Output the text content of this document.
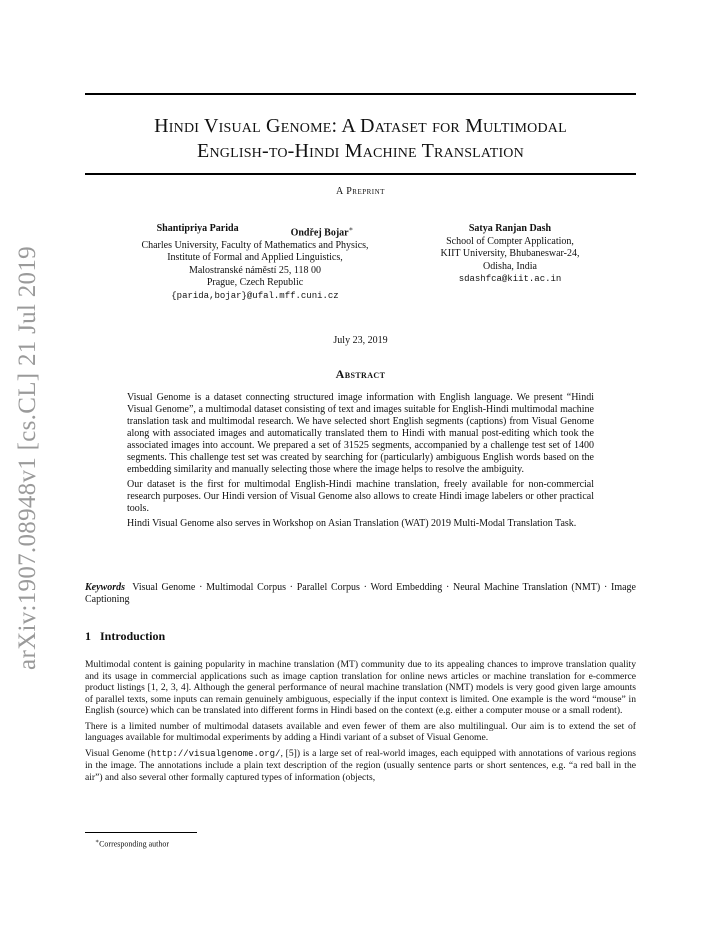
arXiv:1907.08948v1 [cs.CL] 21 Jul 2019
Hindi Visual Genome: A Dataset for Multimodal
English-to-Hindi Machine Translation
A Preprint
Shantipriya Parida	Ondřej Bojar∗
Charles University, Faculty of Mathematics and Physics,
Institute of Formal and Applied Linguistics,
Malostranské náměstí 25, 118 00
Prague, Czech Republic
{parida,bojar}@ufal.mff.cuni.cz
Satya Ranjan Dash
School of Compter Application,
KIIT University, Bhubaneswar-24,
Odisha, India
sdashfca@kiit.ac.in
July 23, 2019
Abstract

Visual Genome is a dataset connecting structured image information with English language. We present “Hindi Visual Genome”, a multimodal dataset consisting of text and images suitable for English-Hindi multimodal machine translation task and multimodal research. We have selected short English segments (captions) from Visual Genome along with associated images and automatically translated them to Hindi with manual post-editing which took the associated images into account. We prepared a set of 31525 segments, accompanied by a challenge test set of 1400 segments. This challenge test set was created by searching for (particularly) ambiguous English words based on the embedding similarity and manually selecting those where the image helps to resolve the ambiguity.

Our dataset is the first for multimodal English-Hindi machine translation, freely available for non-commercial research purposes. Our Hindi version of Visual Genome also allows to create Hindi image labelers or other practical tools.

Hindi Visual Genome also serves in Workshop on Asian Translation (WAT) 2019 Multi-Modal Translation Task.

Keywords Visual Genome · Multimodal Corpus · Parallel Corpus · Word Embedding · Neural Machine Translation (NMT) · Image Captioning
1 Introduction

Multimodal content is gaining popularity in machine translation (MT) community due to its appealing chances to improve translation quality and its usage in commercial applications such as image caption translation for online news articles or machine translation for e-commerce product listings [1, 2, 3, 4]. Although the general performance of neural machine translation (NMT) models is very good given large amounts of parallel texts, some inputs can remain genuinely ambiguous, especially if the input context is limited. One example is the word “mouse” in English (source) which can be translated into different forms in Hindi based on the context (e.g. either a computer mouse or a small rodent).

There is a limited number of multimodal datasets available and even fewer of them are also multilingual. Our aim is to extend the set of languages available for multimodal experiments by adding a Hindi variant of a subset of Visual Genome.

Visual Genome (http://visualgenome.org/, [5]) is a large set of real-world images, each equipped with annotations of various regions in the image. The annotations include a plain text description of the region (usually sentence parts or short sentences, e.g. “a red ball in the air”) and also several other formally captured types of information (objects,

∗Corresponding author
